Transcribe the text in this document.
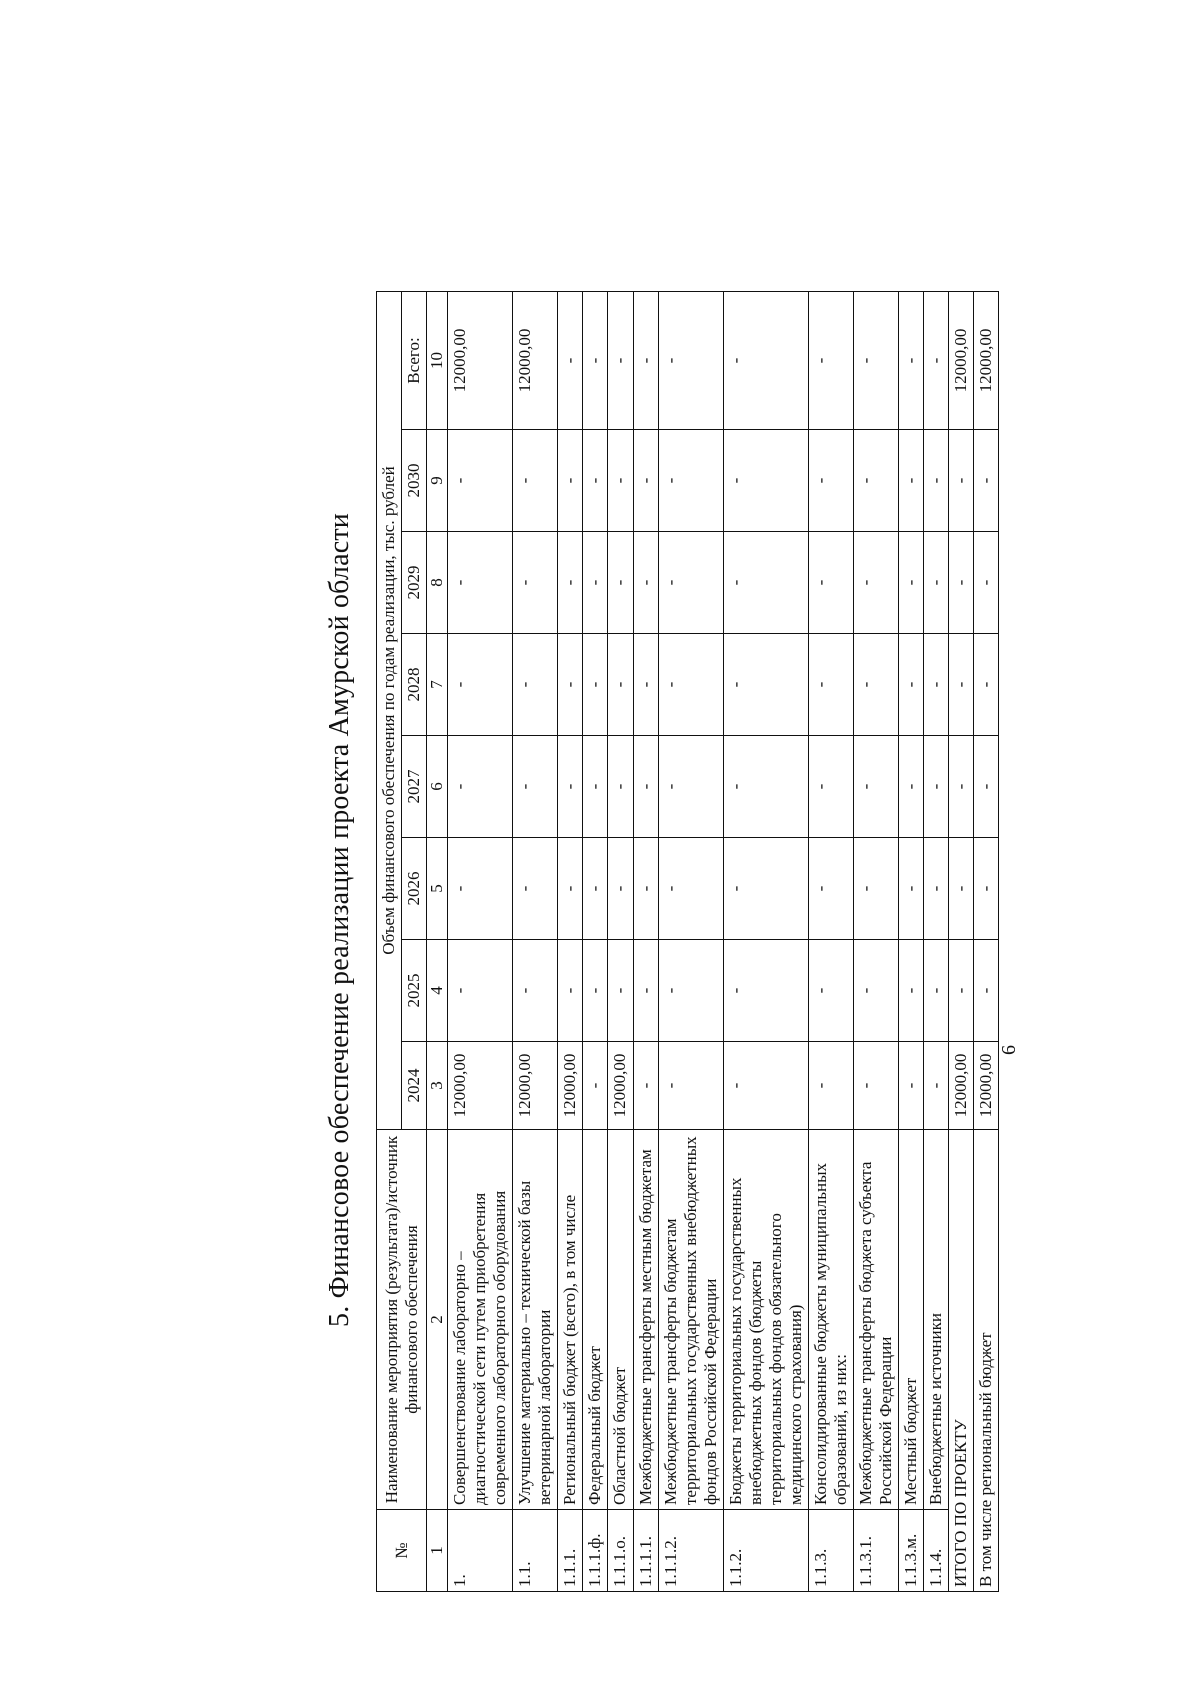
5. Финансовое обеспечение реализации проекта Амурской области
№	Наименование мероприятия (результата)/источник финансового обеспечения	Объем финансового обеспечения по годам реализации, тыс. рублей							
		2024	2025	2026	2027	2028	2029	2030	Всего:
1	2	3	4	5	6	7	8	9	10
1.	Совершенствование лабораторно – диагностической сети путем приобретения современного лабораторного оборудования	12000,00	-	-	-	-	-	-	12000,00
1.1.	Улучшение материально – технической базы ветеринарной лаборатории	12000,00	-	-	-	-	-	-	12000,00
1.1.1.	Региональный бюджет (всего), в том числе	12000,00	-	-	-	-	-	-	-
1.1.1.ф.	Федеральный бюджет	-	-	-	-	-	-	-	-
1.1.1.о.	Областной бюджет	12000,00	-	-	-	-	-	-	-
1.1.1.1.	Межбюджетные трансферты местным бюджетам	-	-	-	-	-	-	-	-
1.1.1.2.	Межбюджетные трансферты бюджетам территориальных государственных внебюджетных фондов Российской Федерации	-	-	-	-	-	-	-	-
1.1.2.	Бюджеты территориальных государственных внебюджетных фондов (бюджеты территориальных фондов обязательного медицинского страхования)	-	-	-	-	-	-	-	-
1.1.3.	Консолидированные бюджеты муниципальных образований, из них:	-	-	-	-	-	-	-	-
1.1.3.1.	Межбюджетные трансферты бюджета субъекта Российской Федерации	-	-	-	-	-	-	-	-
1.1.3.м.	Местный бюджет	-	-	-	-	-	-	-	-
1.1.4.	Внебюджетные источники	-	-	-	-	-	-	-	-
ИТОГО ПО ПРОЕКТУ		12000,00	-	-	-	-	-	-	12000,00
В том числе региональный бюджет		12000,00	-	-	-	-	-	-	12000,00
6
